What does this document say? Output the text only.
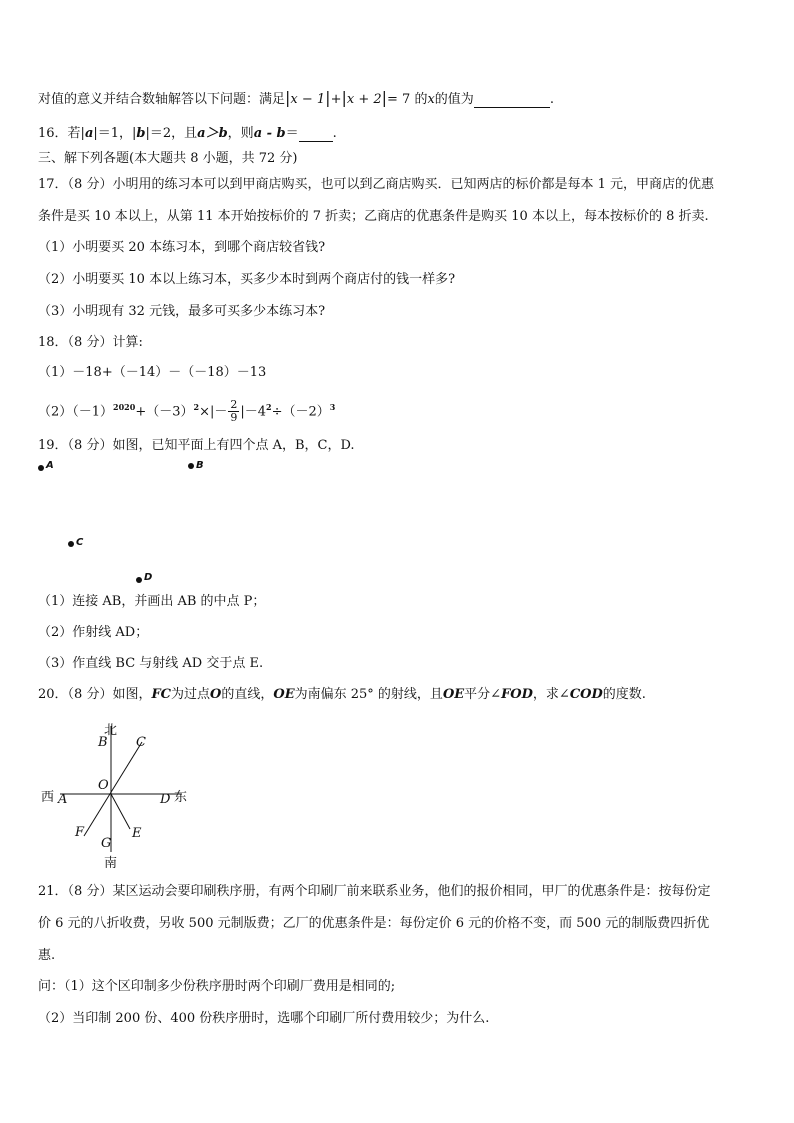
对值的意义并结合数轴解答以下问题：满足|x − 1|+|x + 2|= 7 的x的值为	.
16．若|a|＝1，|b|＝2，且a＞b，则a - b＝	.
三、解下列各题(本大题共 8 小题，共 72 分)
17．（8 分）小明用的练习本可以到甲商店购买，也可以到乙商店购买．已知两店的标价都是每本 1 元，甲商店的优惠
条件是买 10 本以上，从第 11 本开始按标价的 7 折卖；乙商店的优惠条件是购买 10 本以上，每本按标价的 8 折卖.
（1）小明要买 20 本练习本，到哪个商店较省钱?
（2）小明要买 10 本以上练习本，买多少本时到两个商店付的钱一样多?
（3）小明现有 32 元钱，最多可买多少本练习本?
18．（8 分）计算:
（1）－18+（－14）－（－18）－13
$(2)(-1)^{2020}+(-3)^2\times|- \frac{2}{9} |-4^2\div(-2)^3$
19．（8 分）如图，已知平面上有四个点 A，B，C，D.
A	B
C
D
（1）连接 AB，并画出 AB 的中点 P；
（2）作射线 AD；
（3）作直线 BC 与射线 AD 交于点 E.
20．（8 分）如图，FC为过点O的直线，OE为南偏东 25° 的射线，且OE平分∠FOD，求∠COD的度数.
北
B C
O
西 A	D 东
F	E
G
南
21．（8 分）某区运动会要印刷秩序册，有两个印刷厂前来联系业务，他们的报价相同，甲厂的优惠条件是：按每份定
价 6 元的八折收费，另收 500 元制版费；乙厂的优惠条件是：每份定价 6 元的价格不变，而 500 元的制版费四折优
惠.
问：（1）这个区印制多少份秩序册时两个印刷厂费用是相同的;
（2）当印制 200 份、400 份秩序册时，选哪个印刷厂所付费用较少；为什么.
